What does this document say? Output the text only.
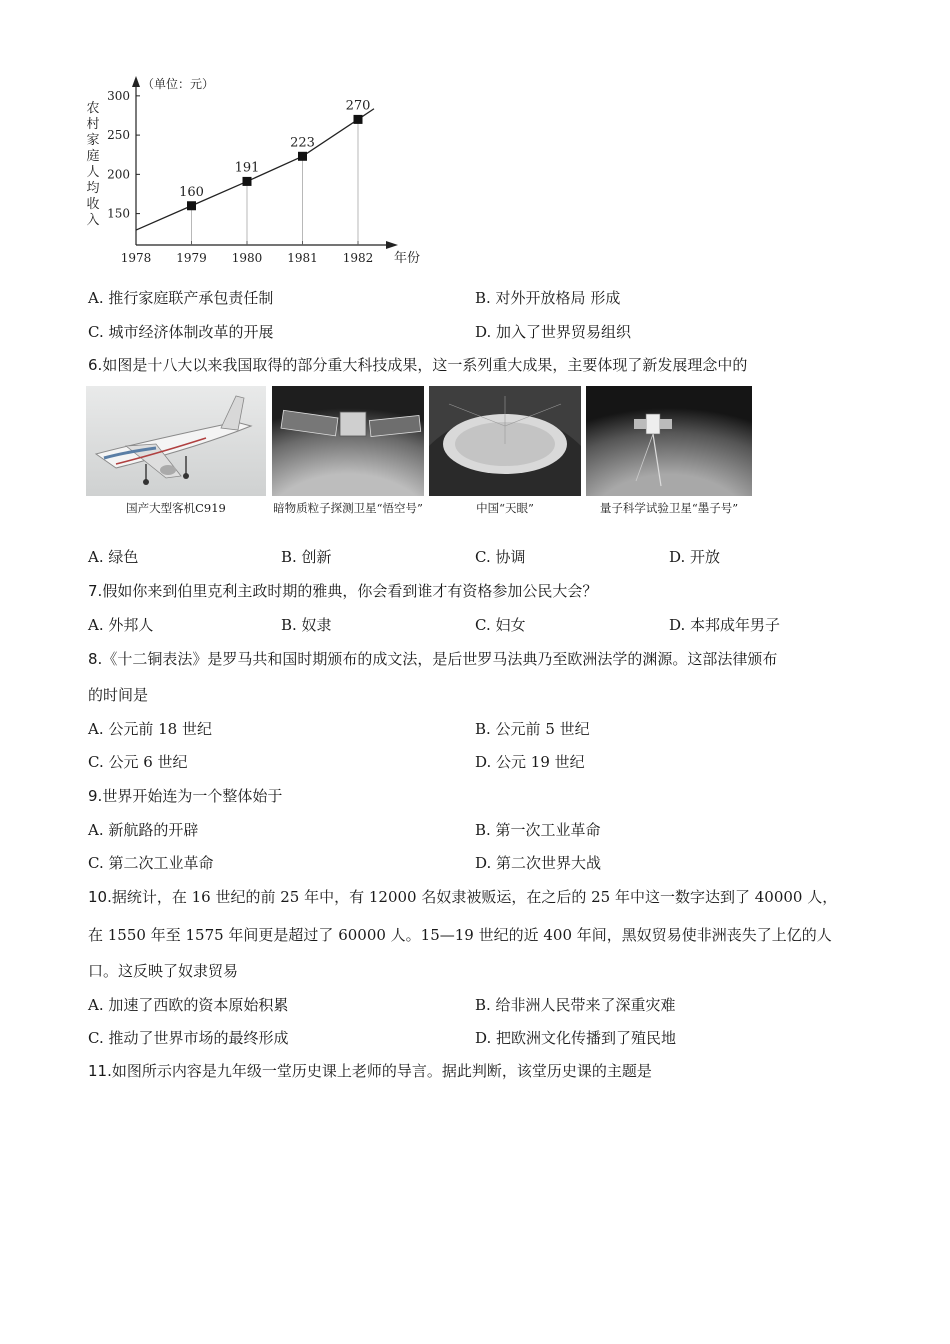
（单位：元）
农
村
家
庭
人
均
收
入 150
200
250
300
1978 1979 1980 1981 1982 年份
160
191
223
270
A. 推行家庭联产承包责任制	B. 对外开放格局 形成
C. 城市经济体制改革的开展	D. 加入了世界贸易组织
6.如图是十八大以来我国取得的部分重大科技成果，这一系列重大成果，主要体现了新发展理念中的
国产大型客机C919	暗物质粒子探测卫星“悟空号”	中国“天眼”	量子科学试验卫星“墨子号”
A. 绿色	B. 创新	C. 协调	D. 开放
7.假如你来到伯里克利主政时期的雅典，你会看到谁才有资格参加公民大会？
A. 外邦人	B. 奴隶	C. 妇女	D. 本邦成年男子
8.《十二铜表法》是罗马共和国时期颁布的成文法，是后世罗马法典乃至欧洲法学的渊源。这部法律颁布
的时间是
A. 公元前 18 世纪	B. 公元前 5 世纪
C. 公元 6 世纪	D. 公元 19 世纪
9.世界开始连为一个整体始于
A. 新航路的开辟	B. 第一次工业革命
C. 第二次工业革命	D. 第二次世界大战
10.据统计，在 16 世纪的前 25 年中，有 12000 名奴隶被贩运，在之后的 25 年中这一数字达到了 40000 人，
在 1550 年至 1575 年间更是超过了 60000 人。15—19 世纪的近 400 年间，黑奴贸易使非洲丧失了上亿的人
口。这反映了奴隶贸易
A. 加速了西欧的资本原始积累	B. 给非洲人民带来了深重灾难
C. 推动了世界市场的最终形成	D. 把欧洲文化传播到了殖民地
11.如图所示内容是九年级一堂历史课上老师的导言。据此判断，该堂历史课的主题是
